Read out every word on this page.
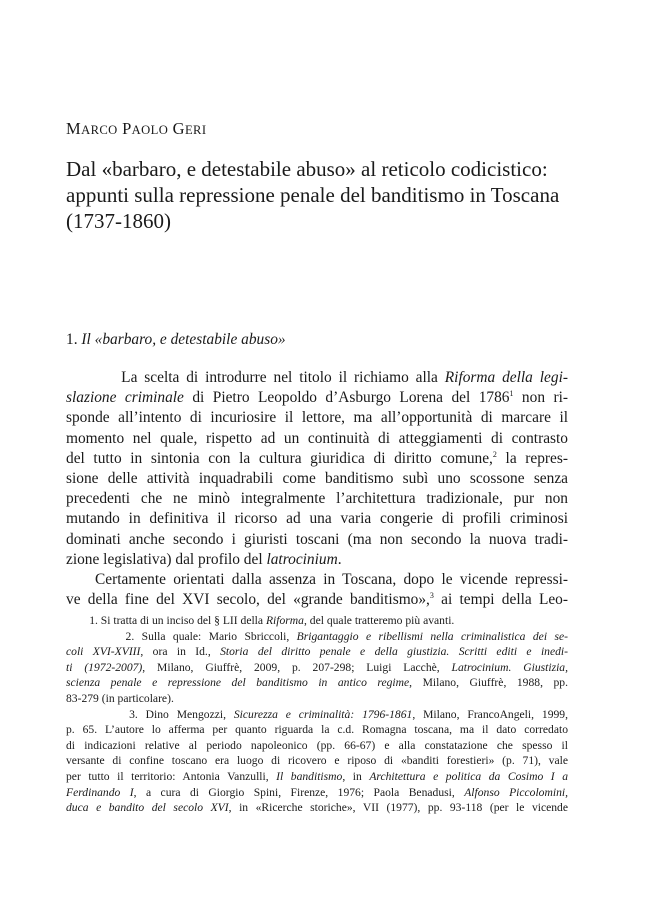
MARCO PAOLO GERI

Dal «barbaro, e detestabile abuso» al reticolo codicistico:
appunti sulla repressione penale del banditismo in Toscana
(1737-1860)
1. Il «barbaro, e detestabile abuso»
La scelta di introdurre nel titolo il richiamo alla Riforma della legi-
slazione criminale di Pietro Leopoldo d’Asburgo Lorena del 1786$^1$ non ri-
sponde all’intento di incuriosire il lettore, ma all’opportunità di marcare il
momento nel quale, rispetto ad un continuità di atteggiamenti di contrasto
del tutto in sintonia con la cultura giuridica di diritto comune,$^2$ la repres-
sione delle attività inquadrabili come banditismo subì uno scossone senza
precedenti che ne minò integralmente l’architettura tradizionale, pur non
mutando in definitiva il ricorso ad una varia congerie di profili criminosi
dominati anche secondo i giuristi toscani (ma non secondo la nuova tradi-
zione legislativa) dal profilo del latrocinium.
Certamente orientati dalla assenza in Toscana, dopo le vicende repressi-
ve della fine del XVI secolo, del «grande banditismo»,$^3$ ai tempi della Leo-
1. Si tratta di un inciso del § LII della Riforma, del quale tratteremo più avanti.
2. Sulla quale: Mario Sbriccoli, Brigantaggio e ribellismi nella criminalistica dei se-
coli XVI-XVIII, ora in Id., Storia del diritto penale e della giustizia. Scritti editi e inedi-
ti (1972-2007), Milano, Giuffrè, 2009, p. 207-298; Luigi Lacchè, Latrocinium. Giustizia,
scienza penale e repressione del banditismo in antico regime, Milano, Giuffrè, 1988, pp.
83-279 (in particolare).
3. Dino Mengozzi, Sicurezza e criminalità: 1796-1861, Milano, FrancoAngeli, 1999,
p. 65. L’autore lo afferma per quanto riguarda la c.d. Romagna toscana, ma il dato corredato
di indicazioni relative al periodo napoleonico (pp. 66-67) e alla constatazione che spesso il
versante di confine toscano era luogo di ricovero e riposo di «banditi forestieri» (p. 71), vale
per tutto il territorio: Antonia Vanzulli, Il banditismo, in Architettura e politica da Cosimo I a
Ferdinando I, a cura di Giorgio Spini, Firenze, 1976; Paola Benadusi, Alfonso Piccolomini,
duca e bandito del secolo XVI, in «Ricerche storiche», VII (1977), pp. 93-118 (per le vicende
